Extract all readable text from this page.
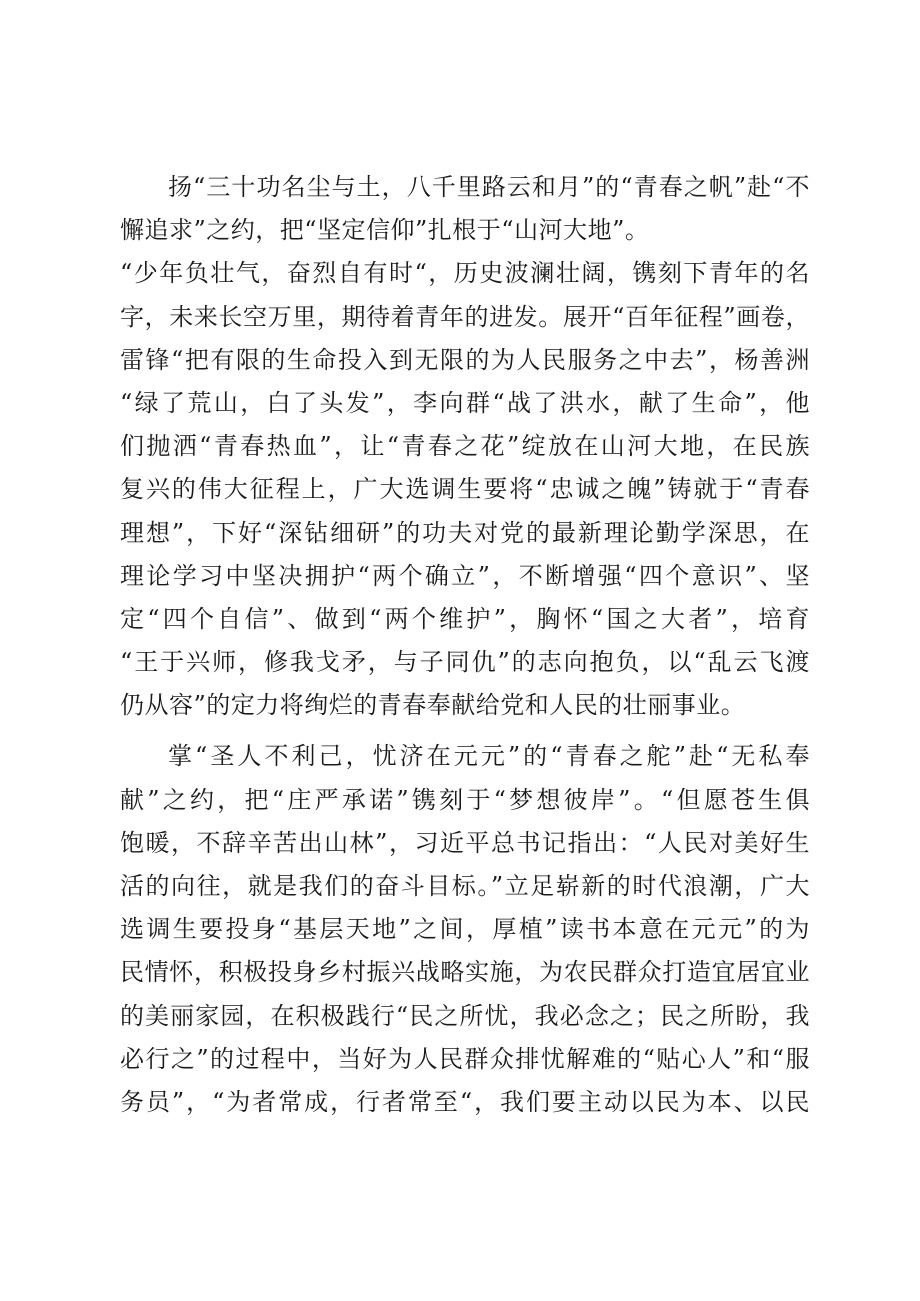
扬“三十功名尘与土，八千里路云和月”的“青春之帆”赴“不
懈追求”之约，把“坚定信仰”扎根于“山河大地”。
“少年负壮气，奋烈自有时“，历史波澜壮阔，镌刻下青年的名
字，未来长空万里，期待着青年的进发。展开“百年征程”画卷，
雷锋“把有限的生命投入到无限的为人民服务之中去”，杨善洲
“绿了荒山，白了头发”，李向群“战了洪水，献了生命”，他
们抛洒“青春热血”，让“青春之花”绽放在山河大地，在民族
复兴的伟大征程上，广大选调生要将“忠诚之魄”铸就于“青春
理想”，下好“深钻细研”的功夫对党的最新理论勤学深思，在
理论学习中坚决拥护“两个确立”，不断增强“四个意识”、坚
定“四个自信”、做到“两个维护”，胸怀“国之大者”，培育
“王于兴师，修我戈矛，与子同仇”的志向抱负，以“乱云飞渡
仍从容”的定力将绚烂的青春奉献给党和人民的壮丽事业。
掌“圣人不利己，忧济在元元”的“青春之舵”赴“无私奉
献”之约，把“庄严承诺”镌刻于“梦想彼岸”。“但愿苍生俱
饱暖，不辞辛苦出山林”，习近平总书记指出：“人民对美好生
活的向往，就是我们的奋斗目标。”立足崭新的时代浪潮，广大
选调生要投身“基层天地”之间，厚植”读书本意在元元”的为
民情怀，积极投身乡村振兴战略实施，为农民群众打造宜居宜业
的美丽家园，在积极践行“民之所忧，我必念之；民之所盼，我
必行之”的过程中，当好为人民群众排忧解难的“贴心人”和“服
务员”，“为者常成，行者常至“，我们要主动以民为本、以民
